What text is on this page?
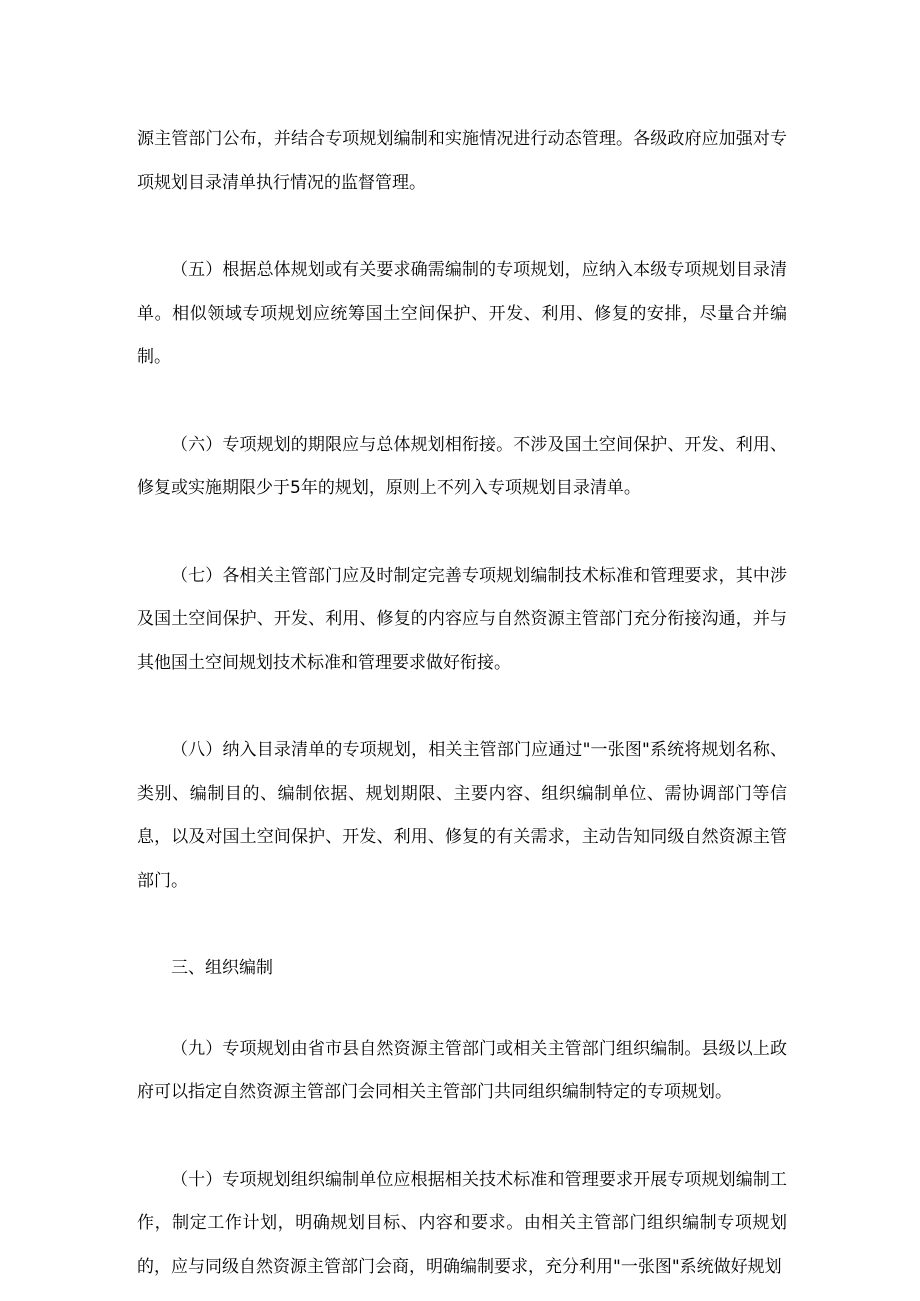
源主管部门公布，并结合专项规划编制和实施情况进行动态管理。各级政府应加强对专项规划目录清单执行情况的监督管理。

（五）根据总体规划或有关要求确需编制的专项规划，应纳入本级专项规划目录清单。相似领域专项规划应统筹国土空间保护、开发、利用、修复的安排，尽量合并编制。

（六）专项规划的期限应与总体规划相衔接。不涉及国土空间保护、开发、利用、修复或实施期限少于5年的规划，原则上不列入专项规划目录清单。

（七）各相关主管部门应及时制定完善专项规划编制技术标准和管理要求，其中涉及国土空间保护、开发、利用、修复的内容应与自然资源主管部门充分衔接沟通，并与其他国土空间规划技术标准和管理要求做好衔接。

（八）纳入目录清单的专项规划，相关主管部门应通过"一张图"系统将规划名称、类别、编制目的、编制依据、规划期限、主要内容、组织编制单位、需协调部门等信息，以及对国土空间保护、开发、利用、修复的有关需求，主动告知同级自然资源主管部门。

三、组织编制

（九）专项规划由省市县自然资源主管部门或相关主管部门组织编制。县级以上政府可以指定自然资源主管部门会同相关主管部门共同组织编制特定的专项规划。

（十）专项规划组织编制单位应根据相关技术标准和管理要求开展专项规划编制工作，制定工作计划，明确规划目标、内容和要求。由相关主管部门组织编制专项规划的，应与同级自然资源主管部门会商，明确编制要求，充分利用"一张图"系统做好规划
